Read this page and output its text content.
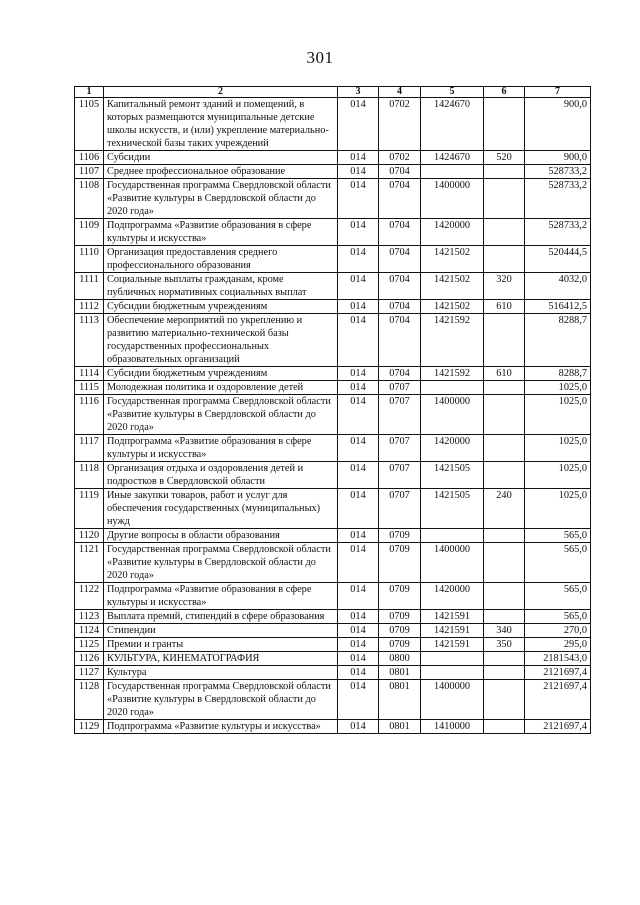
301
1	2	3	4	5	6	7
1105	Капитальный ремонт зданий и помещений, в которых размещаются муниципальные детские школы искусств, и (или) укрепление материально-технической базы таких учреждений	014	0702	1424670		900,0
1106	Субсидии	014	0702	1424670	520	900,0
1107	Среднее профессиональное образование	014	0704			528733,2
1108	Государственная программа Свердловской области «Развитие культуры в Свердловской области до 2020 года»	014	0704	1400000		528733,2
1109	Подпрограмма «Развитие образования в сфере культуры и искусства»	014	0704	1420000		528733,2
1110	Организация предоставления среднего профессионального образования	014	0704	1421502		520444,5
1111	Социальные выплаты гражданам, кроме публичных нормативных социальных выплат	014	0704	1421502	320	4032,0
1112	Субсидии бюджетным учреждениям	014	0704	1421502	610	516412,5
1113	Обеспечение мероприятий по укреплению и развитию материально-технической базы государственных профессиональных образовательных организаций	014	0704	1421592		8288,7
1114	Субсидии бюджетным учреждениям	014	0704	1421592	610	8288,7
1115	Молодежная политика и оздоровление детей	014	0707			1025,0
1116	Государственная программа Свердловской области «Развитие культуры в Свердловской области до 2020 года»	014	0707	1400000		1025,0
1117	Подпрограмма «Развитие образования в сфере культуры и искусства»	014	0707	1420000		1025,0
1118	Организация отдыха и оздоровления детей и подростков в Свердловской области	014	0707	1421505		1025,0
1119	Иные закупки товаров, работ и услуг для обеспечения государственных (муниципальных) нужд	014	0707	1421505	240	1025,0
1120	Другие вопросы в области образования	014	0709			565,0
1121	Государственная программа Свердловской области «Развитие культуры в Свердловской области до 2020 года»	014	0709	1400000		565,0
1122	Подпрограмма «Развитие образования в сфере культуры и искусства»	014	0709	1420000		565,0
1123	Выплата премий, стипендий в сфере образования	014	0709	1421591		565,0
1124	Стипендии	014	0709	1421591	340	270,0
1125	Премии и гранты	014	0709	1421591	350	295,0
1126	КУЛЬТУРА, КИНЕМАТОГРАФИЯ	014	0800			2181543,0
1127	Культура	014	0801			2121697,4
1128	Государственная программа Свердловской области «Развитие культуры в Свердловской области до 2020 года»	014	0801	1400000		2121697,4
1129	Подпрограмма «Развитие культуры и искусства»	014	0801	1410000		2121697,4
